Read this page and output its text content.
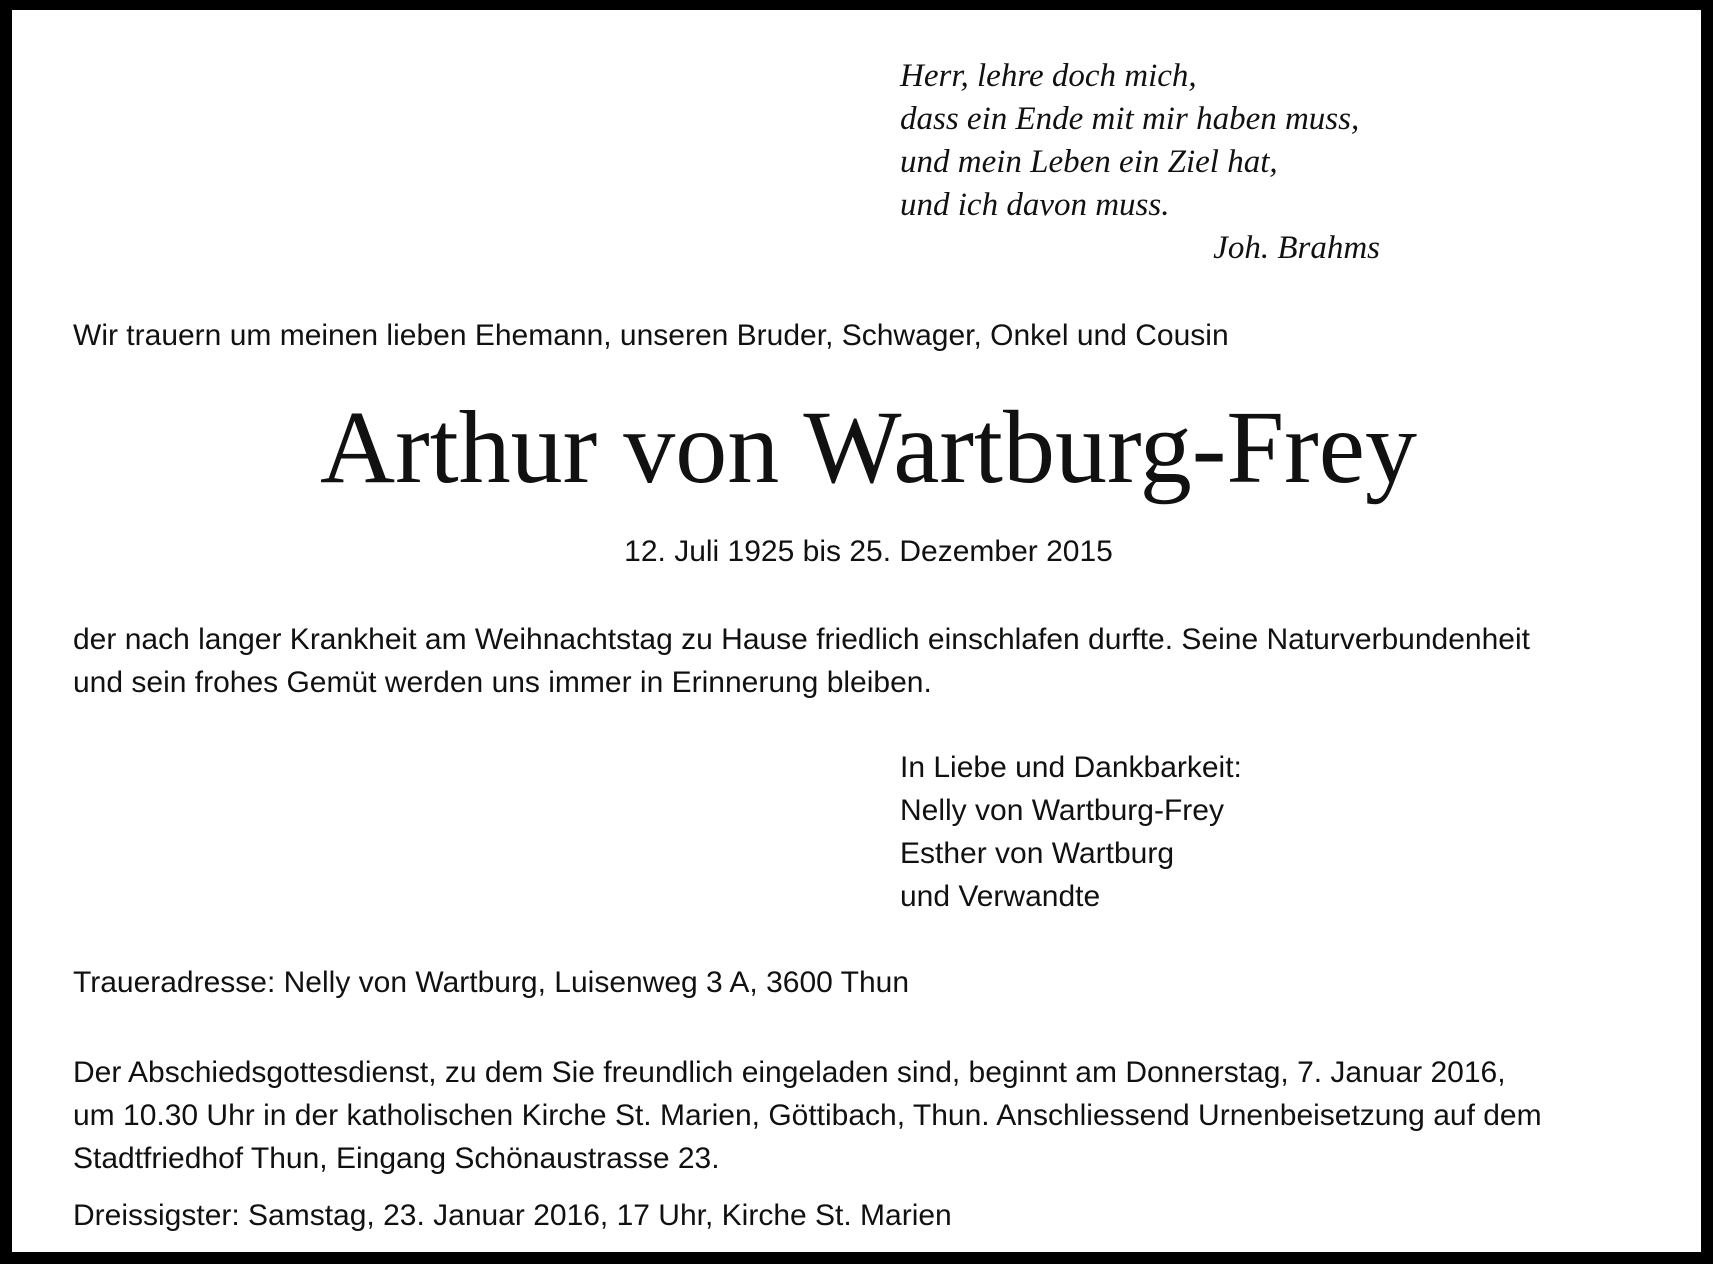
Herr, lehre doch mich,
dass ein Ende mit mir haben muss,
und mein Leben ein Ziel hat,
und ich davon muss.
Joh. Brahms
Wir trauern um meinen lieben Ehemann, unseren Bruder, Schwager, Onkel und Cousin
Arthur von Wartburg-Frey
12. Juli 1925 bis 25. Dezember 2015
der nach langer Krankheit am Weihnachtstag zu Hause friedlich einschlafen durfte. Seine Naturverbundenheit
und sein frohes Gemüt werden uns immer in Erinnerung bleiben.
In Liebe und Dankbarkeit:
Nelly von Wartburg-Frey
Esther von Wartburg
und Verwandte
Traueradresse: Nelly von Wartburg, Luisenweg 3 A, 3600 Thun
Der Abschiedsgottesdienst, zu dem Sie freundlich eingeladen sind, beginnt am Donnerstag, 7. Januar 2016,
um 10.30 Uhr in der katholischen Kirche St. Marien, Göttibach, Thun. Anschliessend Urnenbeisetzung auf dem
Stadtfriedhof Thun, Eingang Schönaustrasse 23.
Dreissigster: Samstag, 23. Januar 2016, 17 Uhr, Kirche St. Marien
